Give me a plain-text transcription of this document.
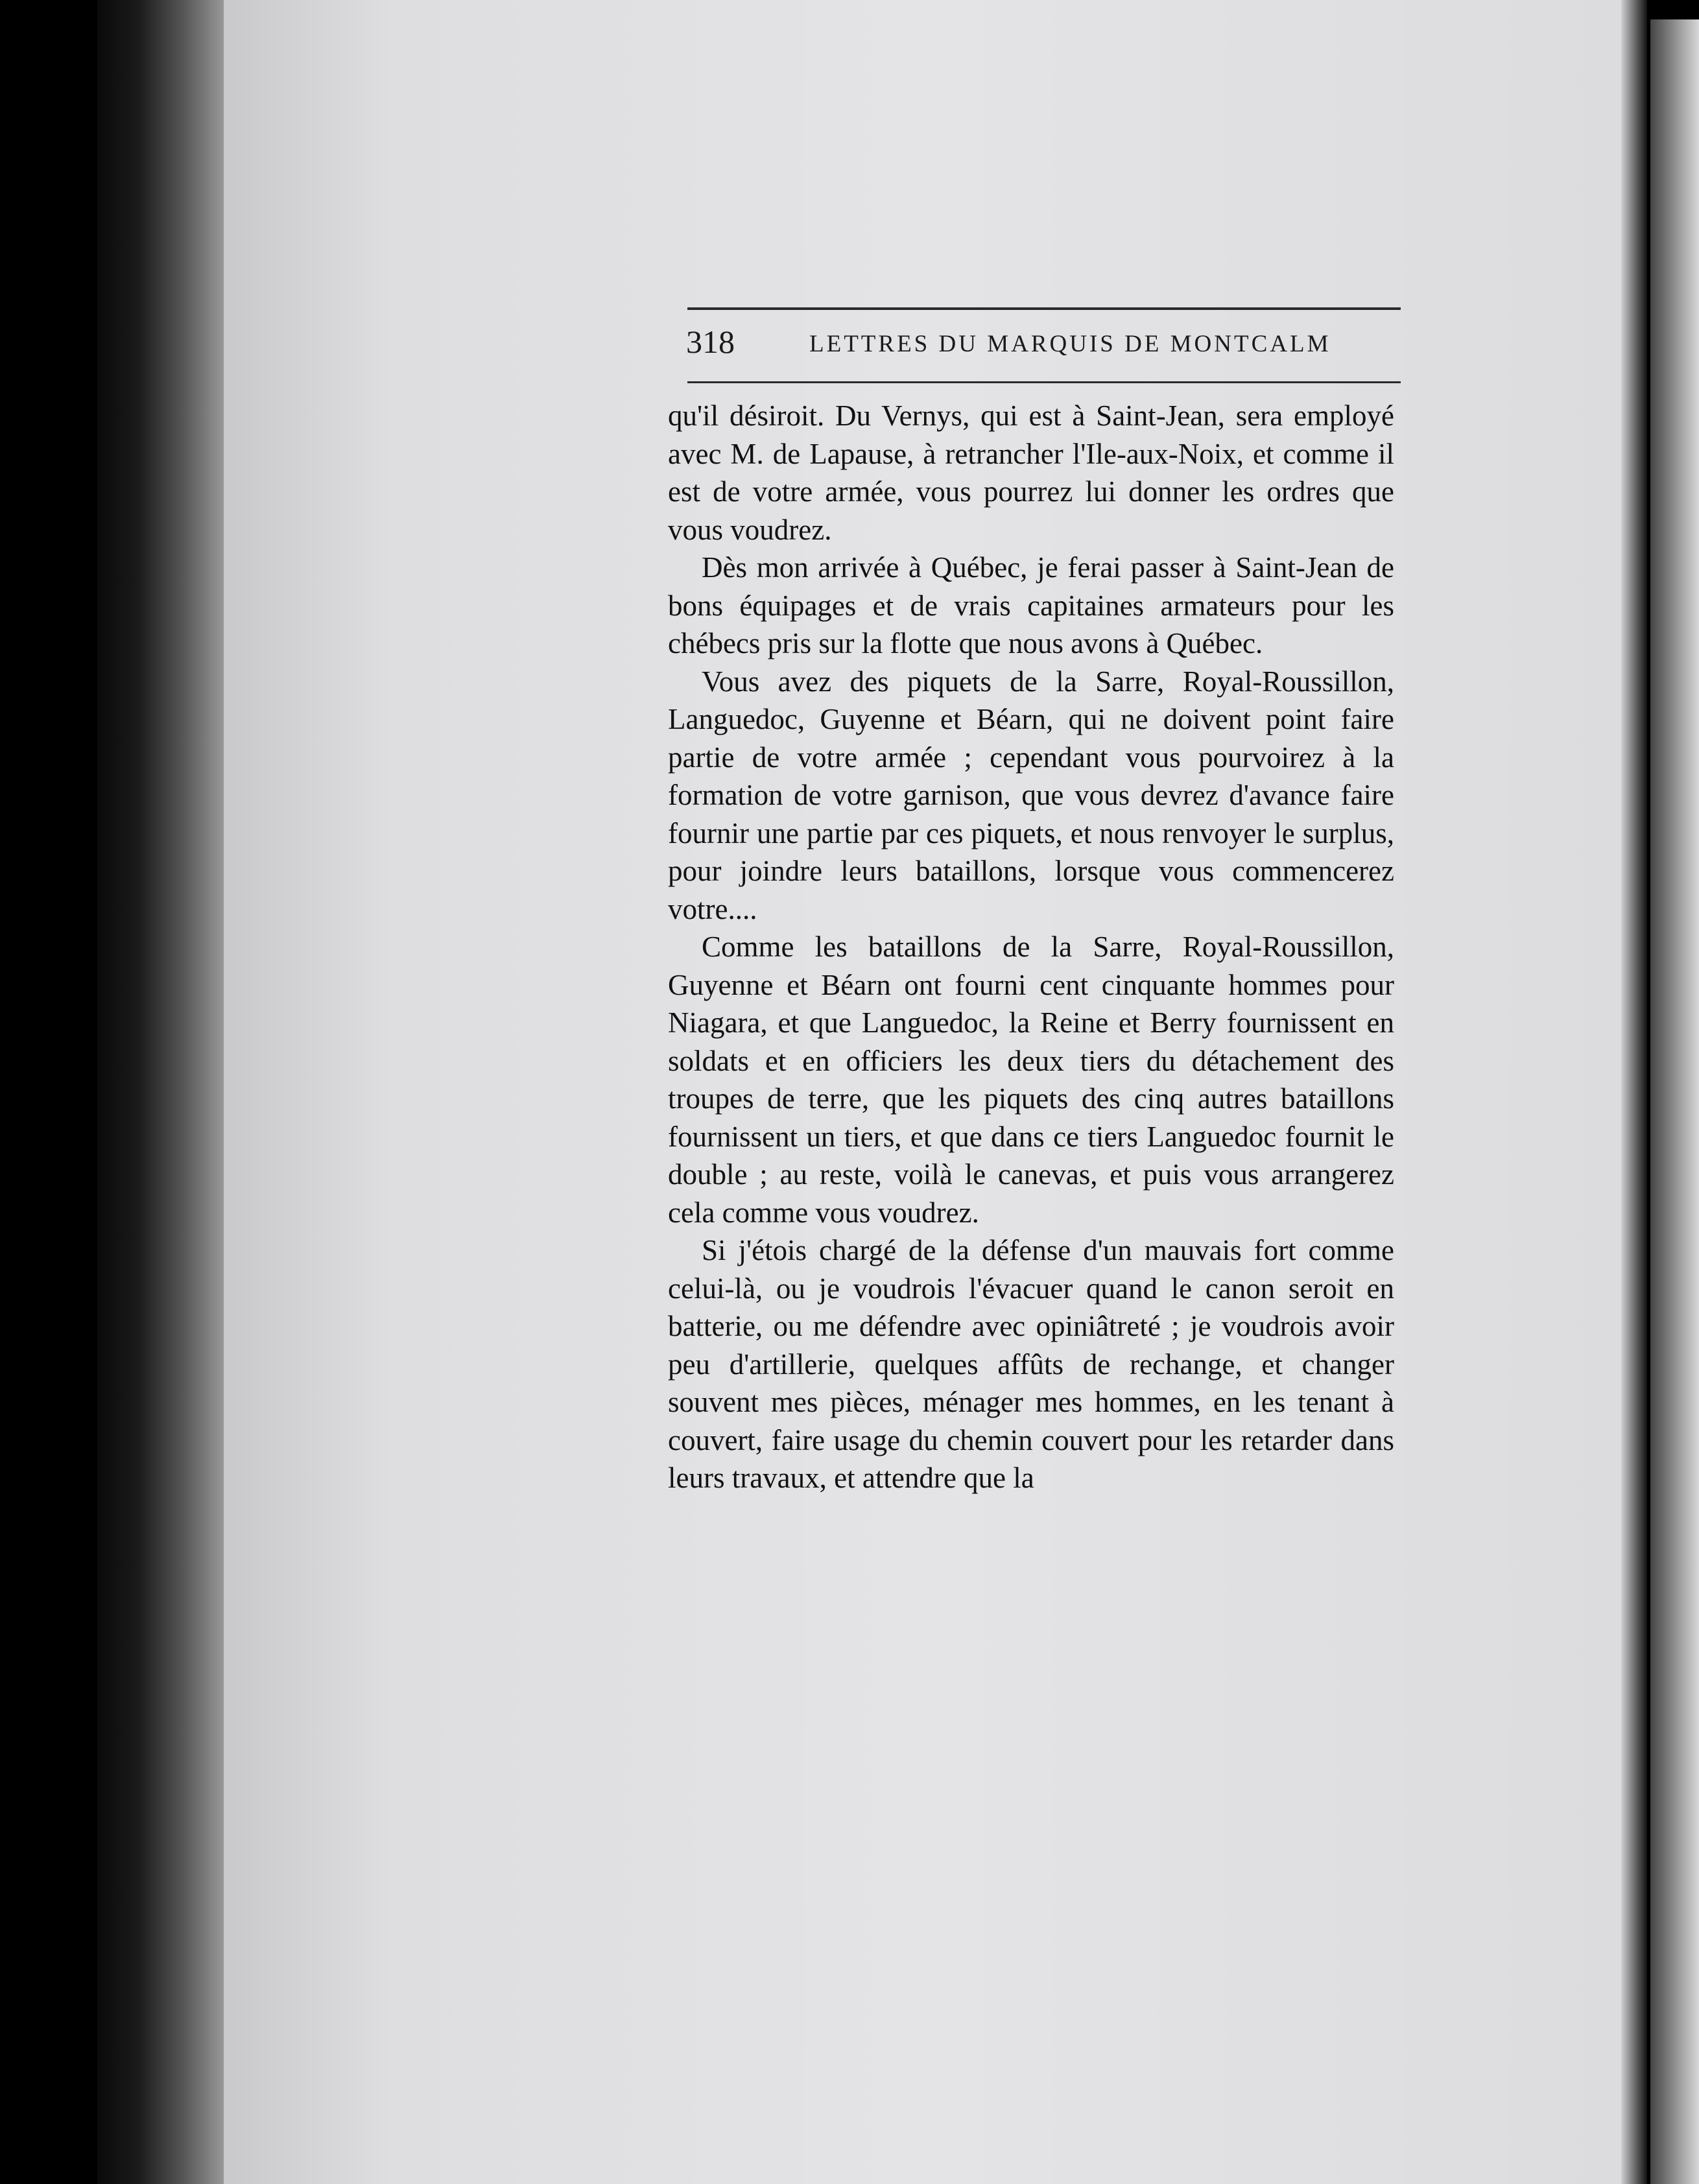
318	LETTRES DU MARQUIS DE MONTCALM

qu'il désiroit. Du Vernys, qui est à Saint-Jean, sera employé avec M. de Lapause, à retrancher l'Ile-aux-Noix, et comme il est de votre armée, vous pourrez lui donner les ordres que vous voudrez.

Dès mon arrivée à Québec, je ferai passer à Saint-Jean de bons équipages et de vrais capitaines armateurs pour les chébecs pris sur la flotte que nous avons à Québec.

Vous avez des piquets de la Sarre, Royal-Roussillon, Languedoc, Guyenne et Béarn, qui ne doivent point faire partie de votre armée ; cependant vous pourvoirez à la formation de votre garnison, que vous devrez d'avance faire fournir une partie par ces piquets, et nous renvoyer le surplus, pour joindre leurs bataillons, lorsque vous commencerez votre....

Comme les bataillons de la Sarre, Royal-Roussillon, Guyenne et Béarn ont fourni cent cinquante hommes pour Niagara, et que Languedoc, la Reine et Berry fournissent en soldats et en officiers les deux tiers du détachement des troupes de terre, que les piquets des cinq autres bataillons fournissent un tiers, et que dans ce tiers Languedoc fournit le double ; au reste, voilà le canevas, et puis vous arrangerez cela comme vous voudrez.

Si j'étois chargé de la défense d'un mauvais fort comme celui-là, ou je voudrois l'évacuer quand le canon seroit en batterie, ou me défendre avec opiniâtreté ; je voudrois avoir peu d'artillerie, quelques affûts de rechange, et changer souvent mes pièces, ménager mes hommes, en les tenant à couvert, faire usage du chemin couvert pour les retarder dans leurs travaux, et attendre que la
